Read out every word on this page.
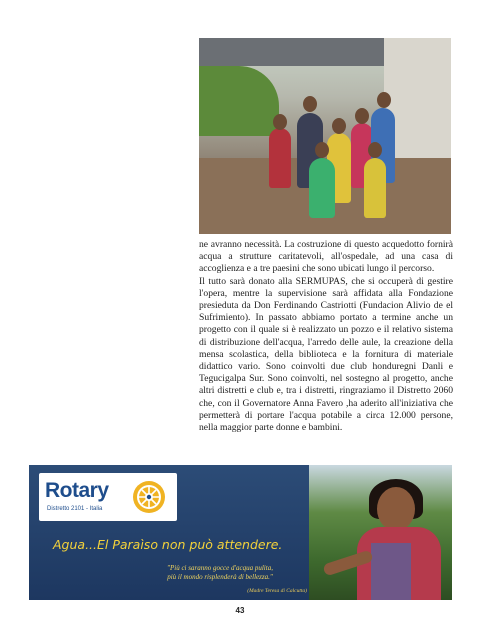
ne avranno necessità. La costruzione di questo acquedotto fornirà acqua a strutture caritatevoli, all'ospedale, ad una casa di accoglienza e a tre paesini che sono ubicati lungo il percorso.

Il tutto sarà donato alla SERMUPAS, che si occuperà di gestire l'opera, mentre la supervisione sarà affidata alla Fondazione presieduta da Don Ferdinando Castriotti (Fundacion Alivio de el Sufrimiento). In passato abbiamo portato a termine anche un progetto con il quale si è realizzato un pozzo e il relativo sistema di distribuzione dell'acqua, l'arredo delle aule, la creazione della mensa scolastica, della biblioteca e la fornitura di materiale didattico vario. Sono coinvolti due club honduregni Danli e Tegucigalpa Sur. Sono coinvolti, nel sostegno al progetto, anche altri distretti e club e, tra i distretti, ringraziamo il Distretto 2060 che, con il Governatore Anna Favero ,ha aderito all'iniziativa che permetterà di portare l'acqua potabile a circa 12.000 persone, nella maggior parte donne e bambini.

Rotary
Distretto 2101 - Italia
Agua...El Paraìso non può attendere.
"Più ci saranno gocce d'acqua pulita,
più il mondo risplenderà di bellezza."
(Madre Teresa di Calcutta)
43
